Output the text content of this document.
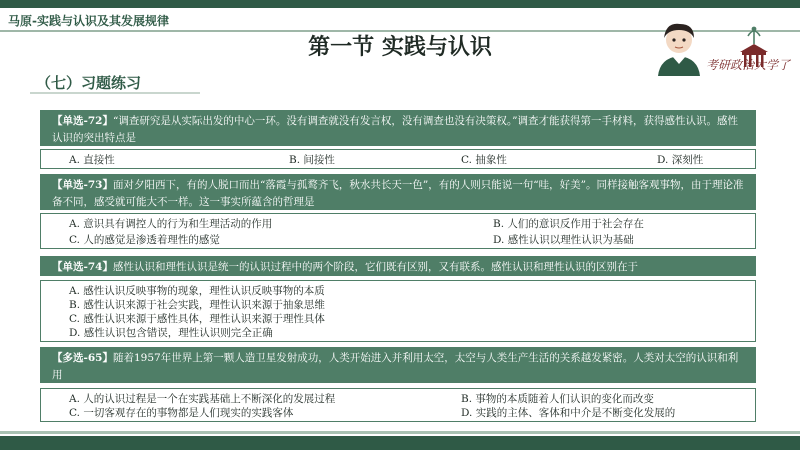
马原-实践与认识及其发展规律
第一节 实践与认识
考研政治大学了
（七）习题练习
【单选-72】“调查研究是从实际出发的中心一环。没有调查就没有发言权，没有调查也没有决策权。”调查才能获得第一手材料，获得感性认识。感性认识的突出特点是
A. 直接性	B. 间接性	C. 抽象性	D. 深刻性
【单选-73】面对夕阳西下，有的人脱口而出“落霞与孤鹜齐飞，秋水共长天一色”，有的人则只能说一句“哇，好美”。同样接触客观事物，由于理论准备不同，感受就可能大不一样。这一事实所蕴含的哲理是
A. 意识具有调控人的行为和生理活动的作用	B. 人们的意识反作用于社会存在
C. 人的感觉是渗透着理性的感觉	D. 感性认识以理性认识为基础
【单选-74】感性认识和理性认识是统一的认识过程中的两个阶段，它们既有区别，又有联系。感性认识和理性认识的区别在于
A. 感性认识反映事物的现象，理性认识反映事物的本质
B. 感性认识来源于社会实践，理性认识来源于抽象思维
C. 感性认识来源于感性具体，理性认识来源于理性具体
D. 感性认识包含错误，理性认识则完全正确
【多选-65】随着1957年世界上第一颗人造卫星发射成功，人类开始进入并利用太空，太空与人类生产生活的关系越发紧密。人类对太空的认识和利用
A. 人的认识过程是一个在实践基础上不断深化的发展过程	B. 事物的本质随着人们认识的变化而改变
C. 一切客观存在的事物都是人们现实的实践客体	D. 实践的主体、客体和中介是不断变化发展的
